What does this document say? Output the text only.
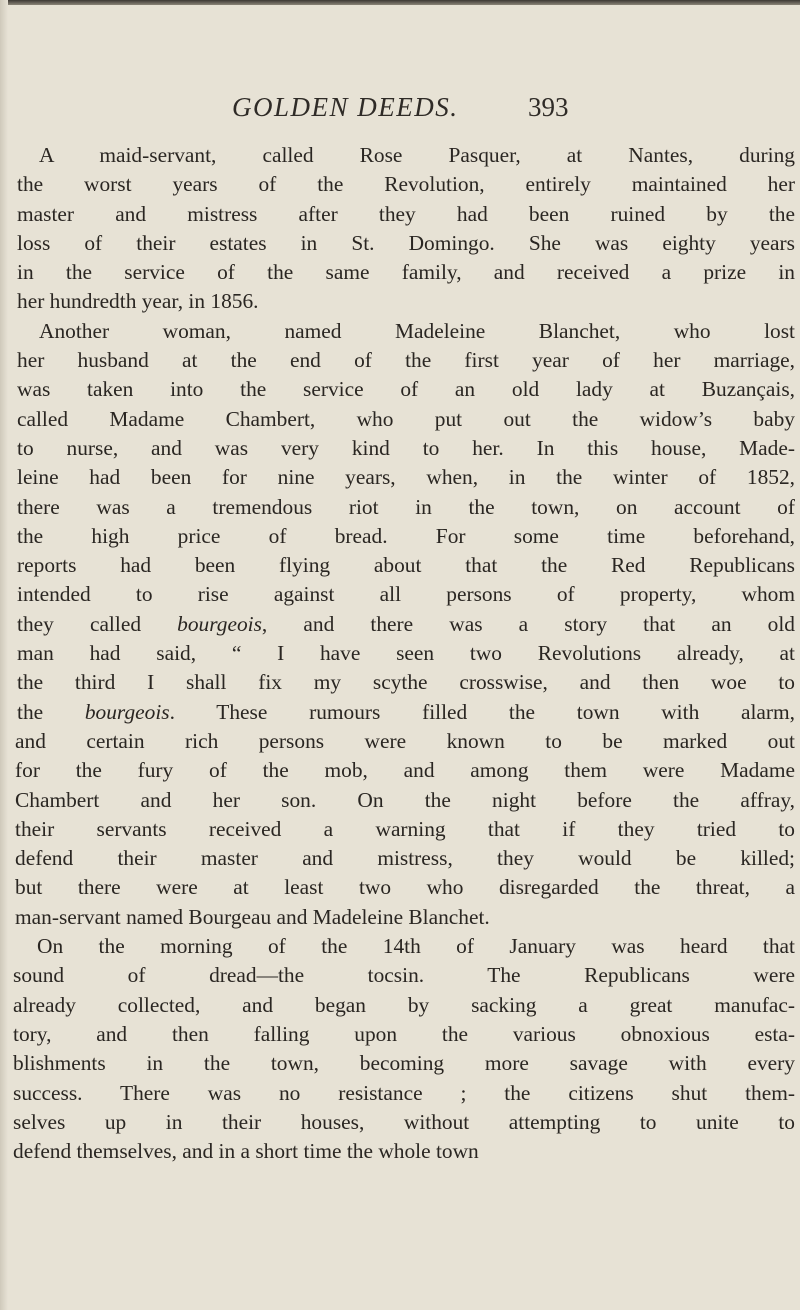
GOLDEN DEEDS.	393
A maid-servant, called Rose Pasquer, at Nantes, during
the worst years of the Revolution, entirely maintained her
master and mistress after they had been ruined by the
loss of their estates in St. Domingo. She was eighty years
in the service of the same family, and received a prize in
her hundredth year, in 1856.
Another woman, named Madeleine Blanchet, who lost
her husband at the end of the first year of her marriage,
was taken into the service of an old lady at Buzançais,
called Madame Chambert, who put out the widow’s baby
to nurse, and was very kind to her. In this house, Made-
leine had been for nine years, when, in the winter of 1852,
there was a tremendous riot in the town, on account of
the high price of bread. For some time beforehand,
reports had been flying about that the Red Republicans
intended to rise against all persons of property, whom
they called bourgeois, and there was a story that an old
man had said, “ I have seen two Revolutions already, at
the third I shall fix my scythe crosswise, and then woe to
the bourgeois. These rumours filled the town with alarm,
and certain rich persons were known to be marked out
for the fury of the mob, and among them were Madame
Chambert and her son. On the night before the affray,
their servants received a warning that if they tried to
defend their master and mistress, they would be killed;
but there were at least two who disregarded the threat, a
man-servant named Bourgeau and Madeleine Blanchet.
On the morning of the 14th of January was heard that
sound of dread—the tocsin. The Republicans were
already collected, and began by sacking a great manufac-
tory, and then falling upon the various obnoxious esta-
blishments in the town, becoming more savage with every
success. There was no resistance ; the citizens shut them-
selves up in their houses, without attempting to unite to
defend themselves, and in a short time the whole town
